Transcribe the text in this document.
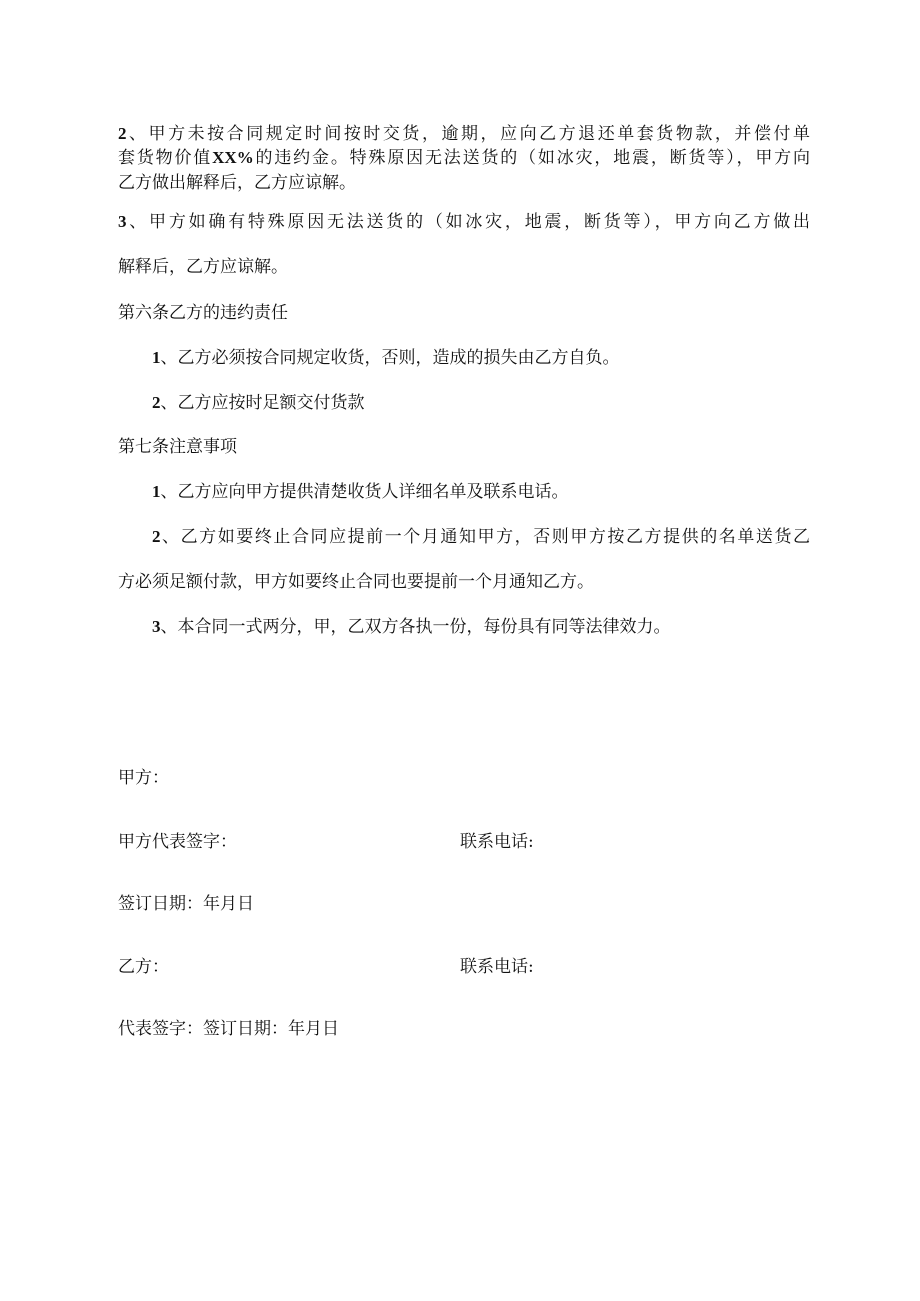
2、甲方未按合同规定时间按时交货，逾期，应向乙方退还单套货物款，并偿付单
套货物价值XX%的违约金。特殊原因无法送货的（如冰灾，地震，断货等），甲方向
乙方做出解释后，乙方应谅解。
3、甲方如确有特殊原因无法送货的（如冰灾，地震，断货等），甲方向乙方做出
解释后，乙方应谅解。
第六条乙方的违约责任
1、乙方必须按合同规定收货，否则，造成的损失由乙方自负。
2、乙方应按时足额交付货款
第七条注意事项
1、乙方应向甲方提供清楚收货人详细名单及联系电话。
2、乙方如要终止合同应提前一个月通知甲方，否则甲方按乙方提供的名单送货乙
方必须足额付款，甲方如要终止合同也要提前一个月通知乙方。
3、本合同一式两分，甲，乙双方各执一份，每份具有同等法律效力。
甲方：
甲方代表签字：	联系电话:
签订日期：年月日
乙方：	联系电话:
代表签字：签订日期：年月日
